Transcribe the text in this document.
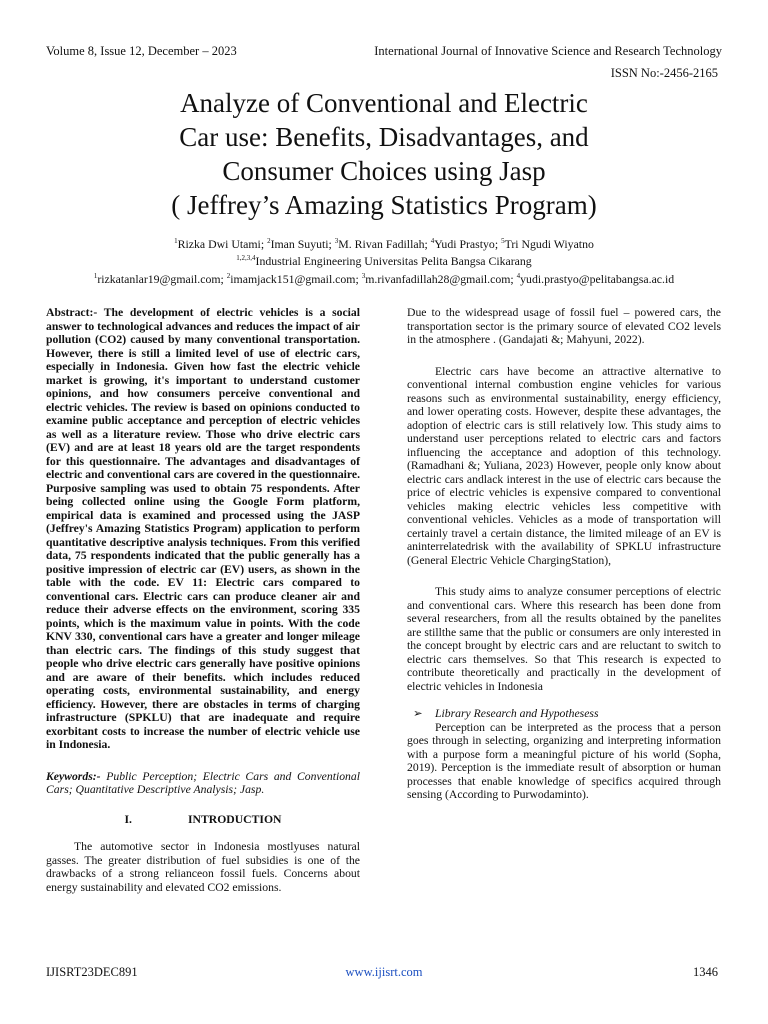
Volume 8, Issue 12, December – 2023	International Journal of Innovative Science and Research Technology
ISSN No:-2456-2165
Analyze of Conventional and Electric
Car use: Benefits, Disadvantages, and
Consumer Choices using Jasp
( Jeffrey’s Amazing Statistics Program)
$^1$Rizka Dwi Utami; $^2$Iman Suyuti; $^3$M. Rivan Fadillah; $^4$Yudi Prastyo; $^5$Tri Ngudi Wiyatno
$^{1,2,3,4}$Industrial Engineering Universitas Pelita Bangsa Cikarang
$^1$rizkatanlar19@gmail.com; $^2$imamjack151@gmail.com; $^3$m.rivanfadillah28@gmail.com; $^4$yudi.prastyo@pelitabangsa.ac.id

Abstract:- The development of electric vehicles is a social answer to technological advances and reduces the impact of air pollution (CO2) caused by many conventional transportation. However, there is still a limited level of use of electric cars, especially in Indonesia. Given how fast the electric vehicle market is growing, it's important to understand customer opinions, and how consumers perceive conventional and electric vehicles. The review is based on opinions conducted to examine public acceptance and perception of electric vehicles as well as a literature review. Those who drive electric cars (EV) and are at least 18 years old are the target respondents for this questionnaire. The advantages and disadvantages of electric and conventional cars are covered in the questionnaire. Purposive sampling was used to obtain 75 respondents. After being collected online using the Google Form platform, empirical data is examined and processed using the JASP (Jeffrey's Amazing Statistics Program) application to perform quantitative descriptive analysis techniques. From this verified data, 75 respondents indicated that the public generally has a positive impression of electric car (EV) users, as shown in the table with the code. EV 11: Electric cars compared to conventional cars. Electric cars can produce cleaner air and reduce their adverse effects on the environment, scoring 335 points, which is the maximum value in points. With the code KNV 330, conventional cars have a greater and longer mileage than electric cars. The findings of this study suggest that people who drive electric cars generally have positive opinions and are aware of their benefits. which includes reduced operating costs, environmental sustainability, and energy efficiency. However, there are obstacles in terms of charging infrastructure (SPKLU) that are inadequate and require exorbitant costs to increase the number of electric vehicle use in Indonesia.

Keywords:- Public Perception; Electric Cars and Conventional Cars; Quantitative Descriptive Analysis; Jasp.

I.	INTRODUCTION

The automotive sector in Indonesia mostlyuses natural gasses. The greater distribution of fuel subsidies is one of the drawbacks of a strong relianceon fossil fuels. Concerns about energy sustainability and elevated CO2 emissions.

Due to the widespread usage of fossil fuel – powered cars, the transportation sector is the primary source of elevated CO2 levels in the atmosphere . (Gandajati &; Mahyuni, 2022).

Electric cars have become an attractive alternative to conventional internal combustion engine vehicles for various reasons such as environmental sustainability, energy efficiency, and lower operating costs. However, despite these advantages, the adoption of electric cars is still relatively low. This study aims to understand user perceptions related to electric cars and factors influencing the acceptance and adoption of this technology. (Ramadhani &; Yuliana, 2023) However, people only know about electric cars andlack interest in the use of electric cars because the price of electric vehicles is expensive compared to conventional vehicles making electric vehicles less competitive with conventional vehicles. Vehicles as a mode of transportation will certainly travel a certain distance, the limited mileage of an EV is aninterrelatedrisk with the availability of SPKLU infrastructure (General Electric Vehicle ChargingStation),

This study aims to analyze consumer perceptions of electric and conventional cars. Where this research has been done from several researchers, from all the results obtained by the panelites are stillthe same that the public or consumers are only interested in the concept brought by electric cars and are reluctant to switch to electric cars themselves. So that This research is expected to contribute theoretically and practically in the development of electric vehicles in Indonesia

➢ Library Research and Hypothesess

Perception can be interpreted as the process that a person goes through in selecting, organizing and interpreting information with a purpose form a meaningful picture of his world (Sopha, 2019). Perception is the immediate result of absorption or human processes that enable knowledge of specifics acquired through sensing (According to Purwodaminto).

IJISRT23DEC891	www.ijisrt.com	1346
